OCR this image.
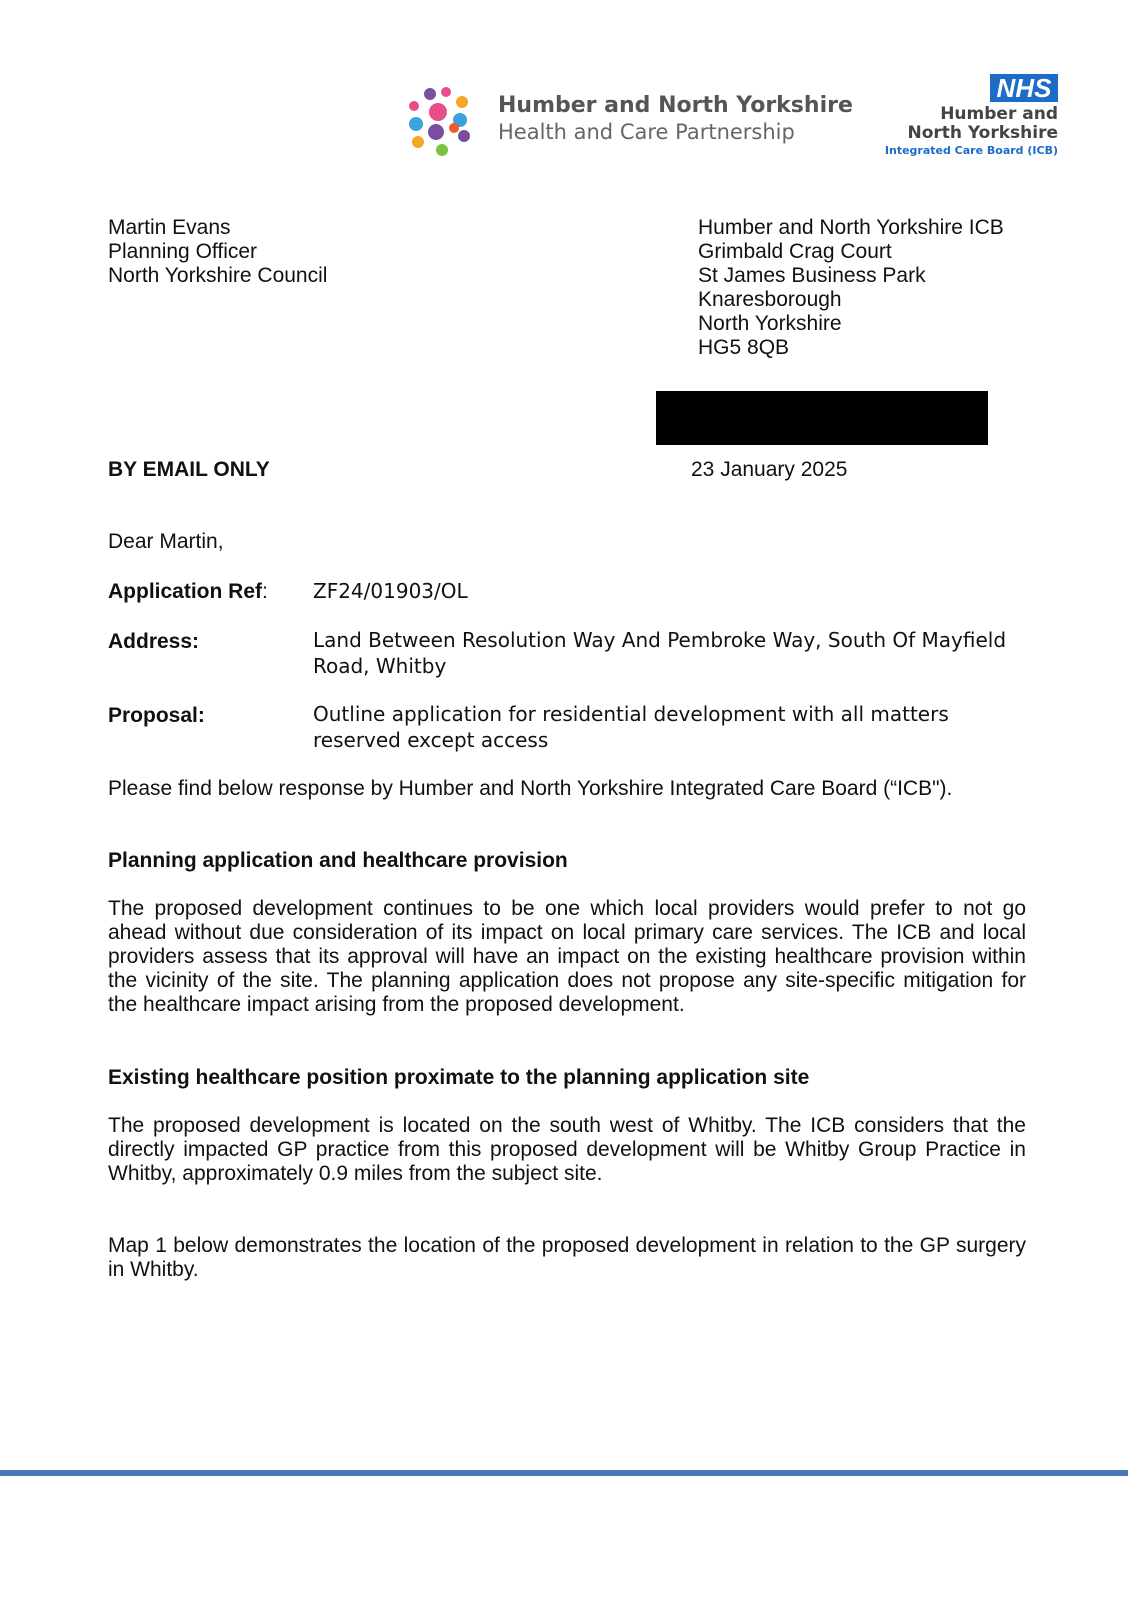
Humber and North Yorkshire
Health and Care Partnership
NHS
Humber and
North Yorkshire
Integrated Care Board (ICB)
Martin Evans
Planning Officer
North Yorkshire Council
Humber and North Yorkshire ICB
Grimbald Crag Court
St James Business Park
Knaresborough
North Yorkshire
HG5 8QB
BY EMAIL ONLY	23 January 2025
Dear Martin,
Application Ref: ZF24/01903/OL
Address:	Land Between Resolution Way And Pembroke Way, South Of Mayfield Road, Whitby
Proposal:	Outline application for residential development with all matters reserved except access
Please find below response by Humber and North Yorkshire Integrated Care Board (“ICB").
Planning application and healthcare provision
The proposed development continues to be one which local providers would prefer to not go ahead without due consideration of its impact on local primary care services. The ICB and local providers assess that its approval will have an impact on the existing healthcare provision within the vicinity of the site. The planning application does not propose any site-specific mitigation for the healthcare impact arising from the proposed development.
Existing healthcare position proximate to the planning application site
The proposed development is located on the south west of Whitby. The ICB considers that the directly impacted GP practice from this proposed development will be Whitby Group Practice in Whitby, approximately 0.9 miles from the subject site.
Map 1 below demonstrates the location of the proposed development in relation to the GP surgery in Whitby.
